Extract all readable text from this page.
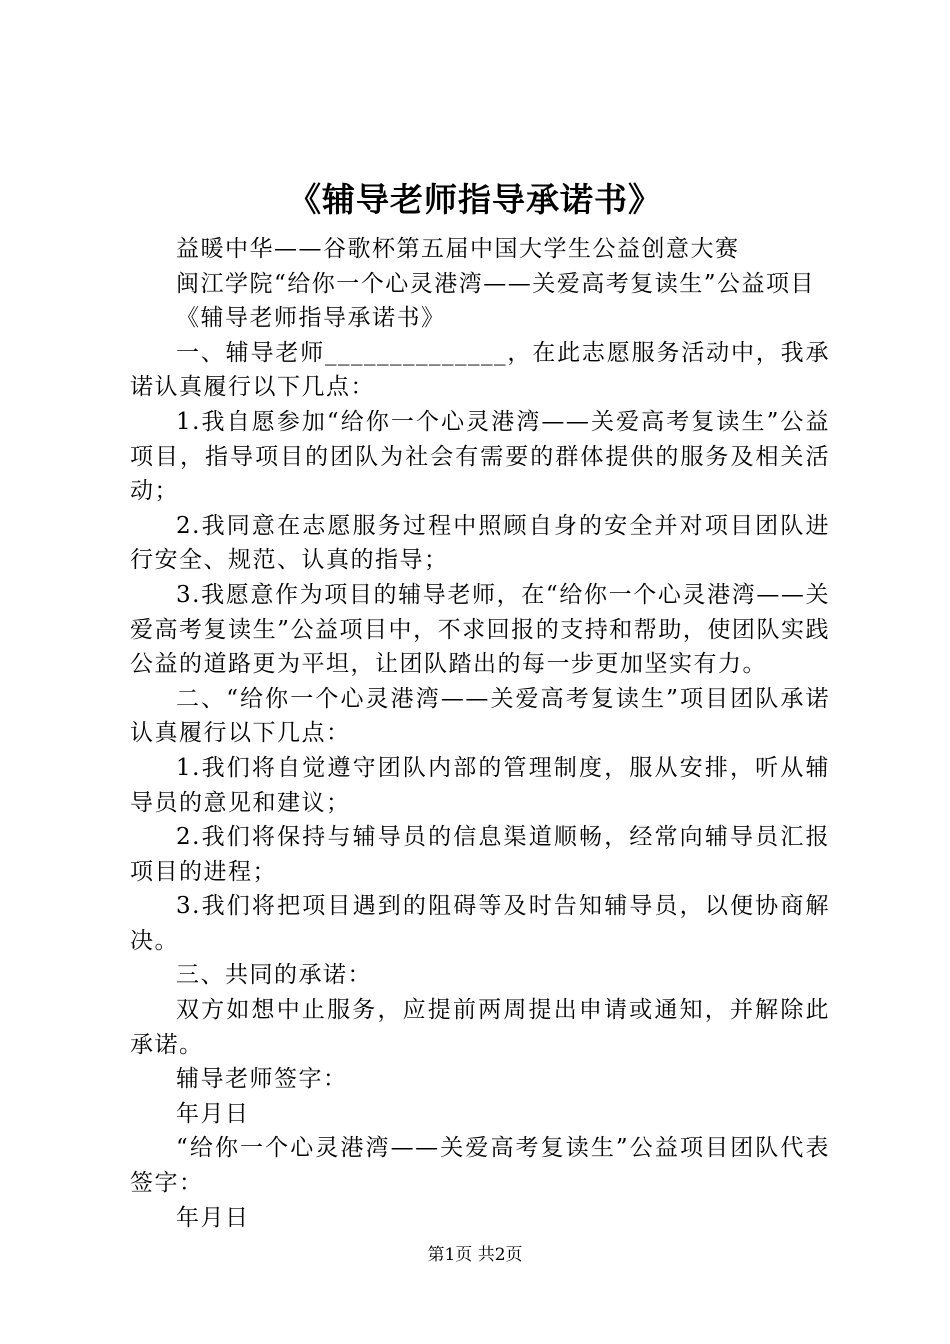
《辅导老师指导承诺书》

益暖中华——谷歌杯第五届中国大学生公益创意大赛

闽江学院“给你一个心灵港湾——关爱高考复读生”公益项目

《辅导老师指导承诺书》

一、辅导老师______________，在此志愿服务活动中，我承诺认真履行以下几点：

1.我自愿参加“给你一个心灵港湾——关爱高考复读生”公益项目，指导项目的团队为社会有需要的群体提供的服务及相关活动；

2.我同意在志愿服务过程中照顾自身的安全并对项目团队进行安全、规范、认真的指导；

3.我愿意作为项目的辅导老师，在“给你一个心灵港湾——关爱高考复读生”公益项目中，不求回报的支持和帮助，使团队实践公益的道路更为平坦，让团队踏出的每一步更加坚实有力。

二、“给你一个心灵港湾——关爱高考复读生”项目团队承诺认真履行以下几点：

1.我们将自觉遵守团队内部的管理制度，服从安排，听从辅导员的意见和建议；

2.我们将保持与辅导员的信息渠道顺畅，经常向辅导员汇报项目的进程；

3.我们将把项目遇到的阻碍等及时告知辅导员，以便协商解决。

三、共同的承诺：

双方如想中止服务，应提前两周提出申请或通知，并解除此承诺。

辅导老师签字：

年月日

“给你一个心灵港湾——关爱高考复读生”公益项目团队代表签字：

年月日

第1页 共2页
